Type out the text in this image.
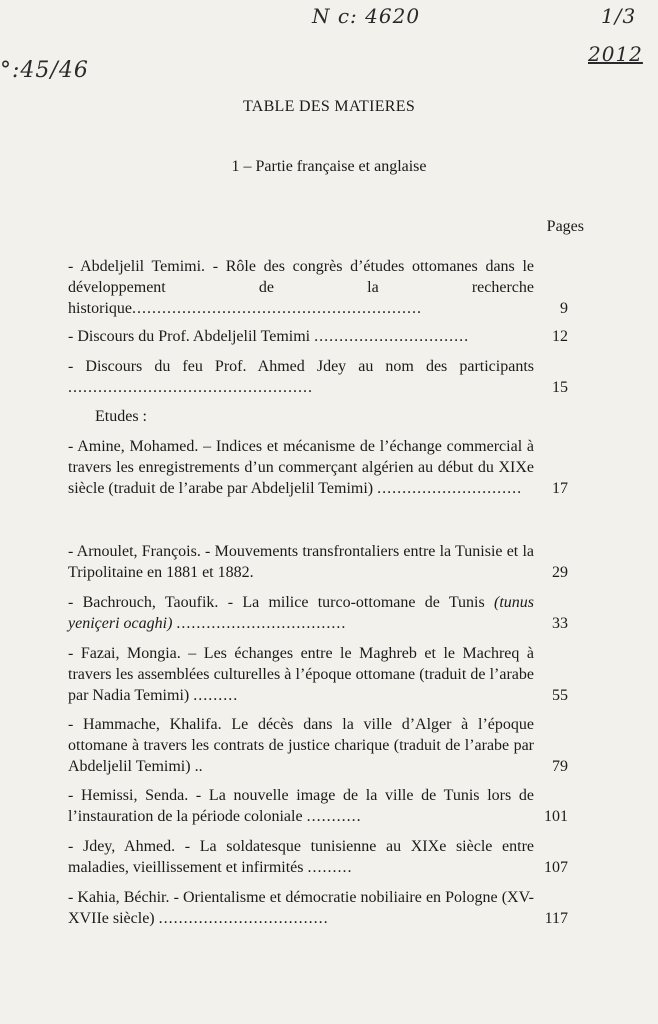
N c: 4620
°:45/46
1/3
2012
TABLE DES MATIERES
1 – Partie française et anglaise
Pages
Etudes :
- Abdeljelil Temimi. - Rôle des congrès d’études ottomanes dans le développement de la recherche historique..........................................................	9
- Discours du Prof. Abdeljelil Temimi ...............................	12
- Discours du feu Prof. Ahmed Jdey au nom des participants .................................................	15
- Amine, Mohamed. – Indices et mécanisme de l’échange commercial à travers les enregistrements d’un commerçant algérien au début du XIXe siècle (traduit de l’arabe par Abdeljelil Temimi) .............................	17
- Arnoulet, François. - Mouvements transfrontaliers entre la Tunisie et la Tripolitaine en 1881 et 1882.	29
- Bachrouch, Taoufik. - La milice turco-ottomane de Tunis (tunus yeniçeri ocaghi) ..................................	33
- Fazai, Mongia. – Les échanges entre le Maghreb et le Machreq à travers les assemblées culturelles à l’époque ottomane (traduit de l’arabe par Nadia Temimi) .........	55
- Hammache, Khalifa. Le décès dans la ville d’Alger à l’époque ottomane à travers les contrats de justice charique (traduit de l’arabe par Abdeljelil Temimi) ..	79
- Hemissi, Senda. - La nouvelle image de la ville de Tunis lors de l’instauration de la période coloniale ...........	101
- Jdey, Ahmed. - La soldatesque tunisienne au XIXe siècle entre maladies, vieillissement et infirmités .........	107
- Kahia, Béchir. - Orientalisme et démocratie nobiliaire en Pologne (XV-XVIIe siècle) ..................................	117
